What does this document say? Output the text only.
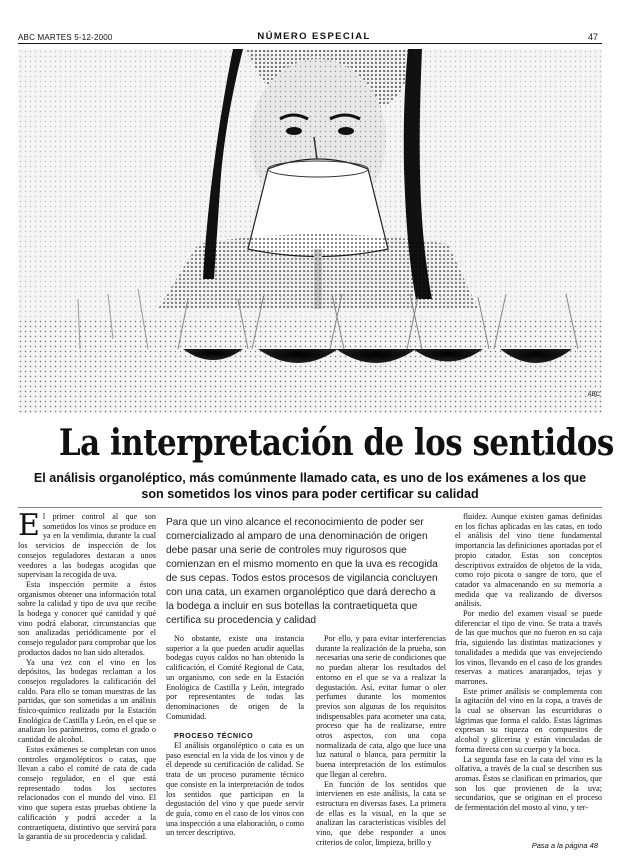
ABC MARTES 5-12-2000	NÚMERO ESPECIAL	47
ABC
La interpretación de los sentidos
El análisis organoléptico, más comúnmente llamado cata, es uno de los exámenes a los que son sometidos los vinos para poder certificar su calidad
E l primer control al que son sometidos los vinos se produce en ya en la vendimia, durante la cual los servicios de inspección de los consejos reguladores destacan a unos veedores a las bodegas acogidas que supervisan la recogida de uva.

Esta inspección permite a éstos organismos obtener una información total sobre la calidad y tipo de uva que recibe la bodega y conocer qué cantidad y qué vino podrá elaborar, circunstancias que son analizadas periódicamente por el consejo regulador para comprobar que los productos dados no han sido alterados.

Ya una vez con el vino en los depósitos, las bodegas reclaman a los consejos reguladores la calificación del caldo. Para ello se toman muestras de las partidas, que son sometidas a un análisis físico-químico realizado por la Estación Enológica de Castilla y León, en el que se analizan los parámetros, como el grado o cantidad de alcohol.

Estos exámenes se completan con unos controles organolépticos o catas, que llevan a cabo el comité de cata de cada consejo regulador, en el que está representado todos los sectores relacionados con el mundo del vino. El vino que supera estas pruebas obtiene la calificación y podrá acceder a la contraetiqueta, distintivo que servirá para la garantía de su procedencia y calidad.

Para que un vino alcance el reconocimiento de poder ser comercializado al amparo de una denominación de origen debe pasar una serie de controles muy rigurosos que comienzan en el mismo momento en que la uva es recogida de sus cepas. Todos estos procesos de vigilancia concluyen con una cata, un examen organoléptico que dará derecho a la bodega a incluir en sus botellas la contraetiqueta que certifica su procedencia y calidad

No obstante, existe una instancia superior a la que pueden acudir aquellas bodegas cuyos caldos no han obtenido la calificación, el Comité Regional de Cata, un organismo, con sede en la Estación Enológica de Castilla y León, integrado por representantes de todas las denominaciones de origen de la Comunidad.

PROCESO TÉCNICO

El análisis organoléptico o cata es un paso esencial en la vida de los vinos y de él depende su certificación de calidad. Se trata de un proceso puramente técnico que consiste en la interpretación de todos los sentidos que participan en la degustación del vino y que puede servir de guía, como en el caso de los vinos con una inspección a una elaboración, o como un tercer descriptivo.

Por ello, y para evitar interferencias durante la realización de la prueba, son necesarias una serie de condiciones que no puedan alterar los resultados del entorno en el que se va a realizar la degustación. Así, evitar fumar o oler perfumes durante los momentos previos son algunas de los requisitos indispensables para acometer una cata, proceso que ha de realizarse, entre otros aspectos, con una copa normalizada de cata, algo que luce una luz natural o blanca, para permitir la buena interpretación de los estímulos que llegan al cerebro.

En función de los sentidos que intervienen en este análisis, la cata se estructura en diversas fases. La primera de ellas es la visual, en la que se analizan las características visibles del vino, que debe responder a unos criterios de color, limpieza, brillo y

fluidez. Aunque existen gamas definidas en los fichas aplicadas en las catas, en todo el análisis del vino tiene fundamental importancia las definiciones aportadas por el propio catador. Estas son conceptos descriptivos extraídos de objetos de la vida, como rojo picota o sangre de toro, que el catador va almacenando en su memoria a medida que va realizando de diversos análisis.

Por medio del examen visual se puede diferenciar el tipo de vino. Se trata a través de las que muchos que no fueron en su caja fría, siguiendo las distintas matizaciones y tonalidades a medida que vas envejeciendo los vinos, llevando en el caso de los grandes reservas a matices anaranjados, tejas y marrones.

Este primer análisis se complementa con la agitación del vino en la copa, a través de la cual se observan las escurriduras o lágrimas que forma el caldo. Estas lágrimas expresan su riqueza en compuestos de alcohol y glicerina y están vinculadas de forma directa con su cuerpo y la boca.

La segunda fase en la cata del vino es la olfativa, a través de la cual se describen sus aromas. Éstos se clasifican en primarios, que son los que provienen de la uva; secundarios, que se originan en el proceso de fermentación del mosto al vino, y ter-

Pasa a la página 48
